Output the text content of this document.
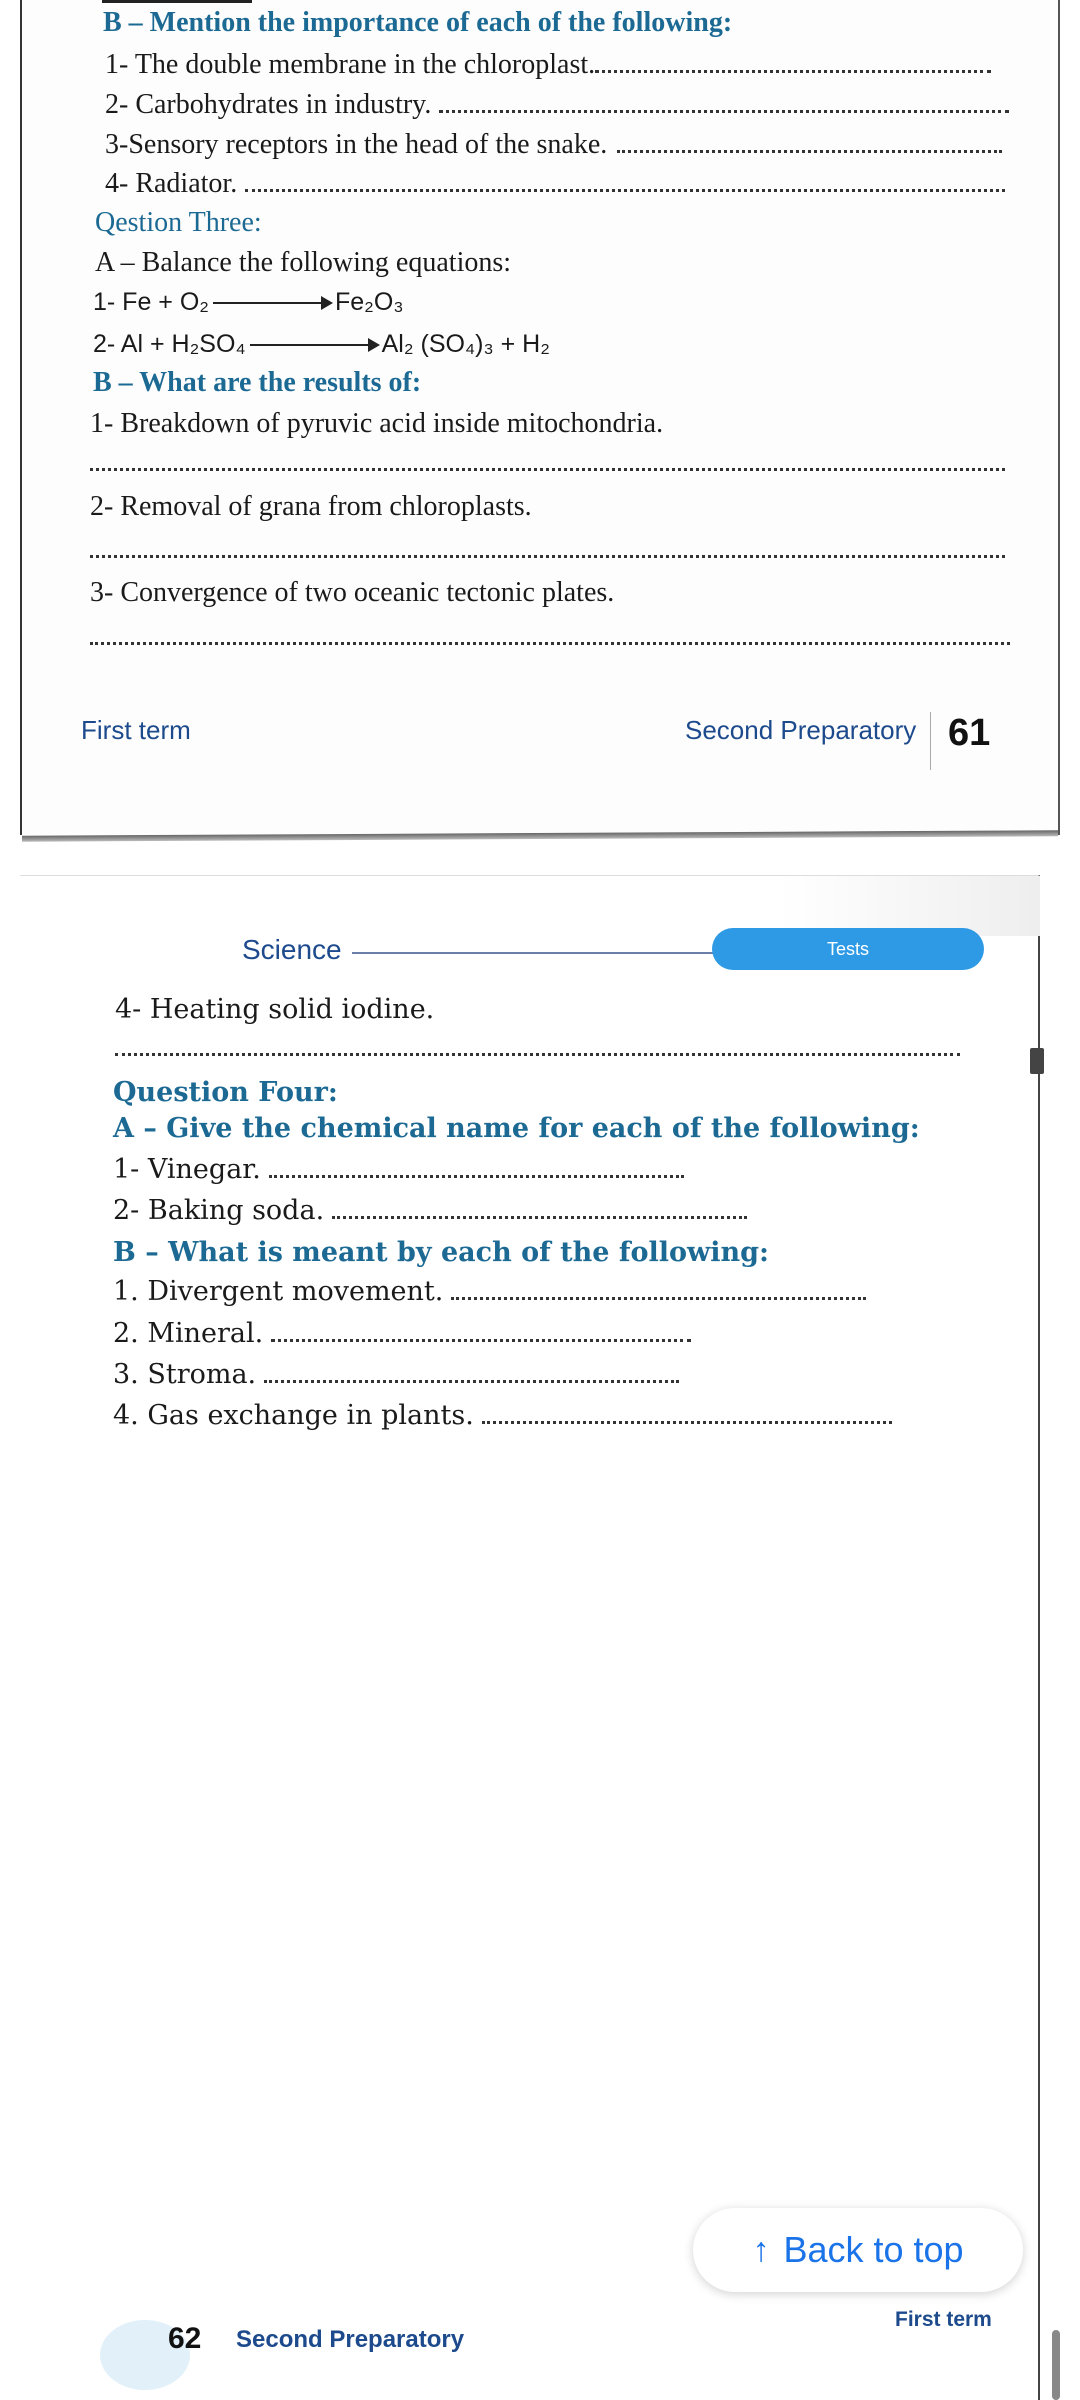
B – Mention the importance of each of the following:
1- The double membrane in the chloroplast.
2- Carbohydrates in industry.
3-Sensory receptors in the head of the snake.
4- Radiator.
Qestion Three:
A – Balance the following equations:
1- Fe + O₂	Fe₂O₃
2- Al + H₂SO₄	Al₂ (SO₄)₃ + H₂
B – What are the results of:
1- Breakdown of pyruvic acid inside mitochondria.
2- Removal of grana from chloroplasts.
3- Convergence of two oceanic tectonic plates.
First term	Second Preparatory 61
Science	Tests
4- Heating solid iodine.
Question Four:
A – Give the chemical name for each of the following:
1- Vinegar.
2- Baking soda.
B – What is meant by each of the following:
1. Divergent movement.
2. Mineral.
3. Stroma.
4. Gas exchange in plants.
62 Second Preparatory
First term
↑ Back to top
